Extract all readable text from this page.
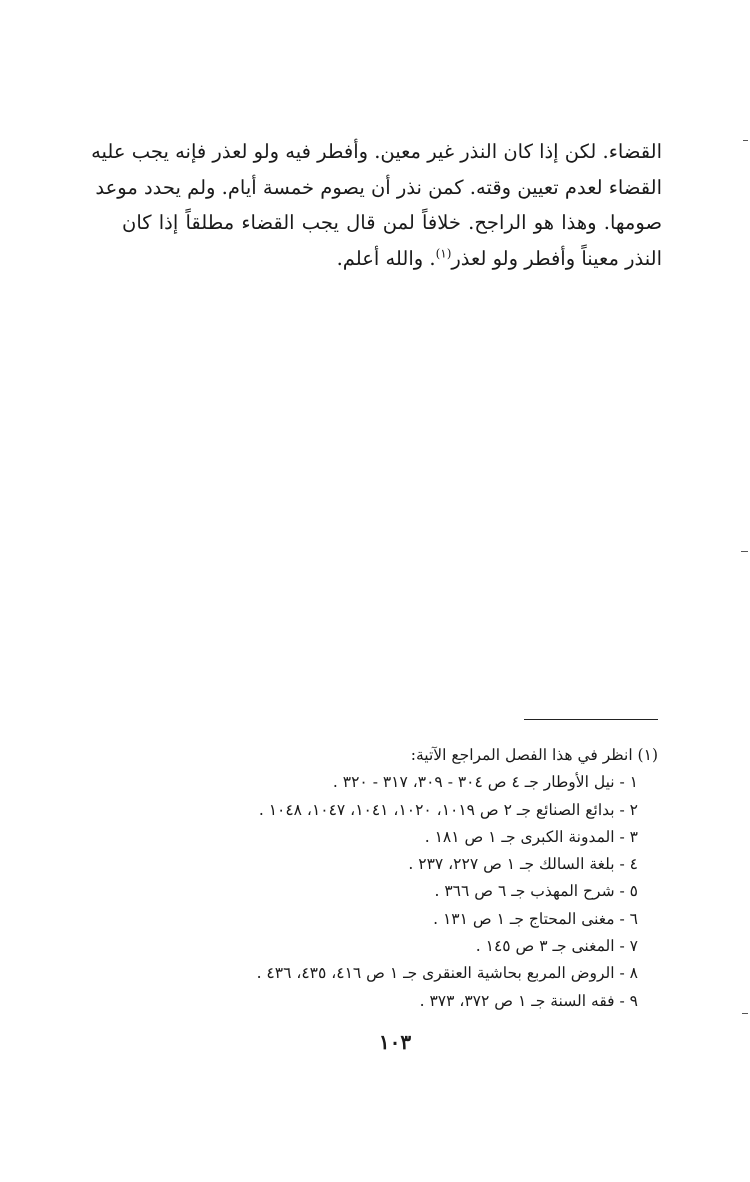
القضاء. لكن إذا كان النذر غير معين. وأفطر فيه ولو لعذر فإنه يجب عليه
القضاء لعدم تعيين وقته. كمن نذر أن يصوم خمسة أيام. ولم يحدد موعد
صومها. وهذا هو الراجح. خلافاً لمن قال يجب القضاء مطلقاً إذا كان
النذر معيناً وأفطر ولو لعذر$^{(١)}$. والله أعلم.
(١) انظر في هذا الفصل المراجع الآتية:
١ - نيل الأوطار جـ ٤ ص ٣٠٤ - ٣٠٩، ٣١٧ - ٣٢٠ .
٢ - بدائع الصنائع جـ ٢ ص ١٠١٩، ١٠٢٠، ١٠٤١، ١٠٤٧، ١٠٤٨ .
٣ - المدونة الكبرى جـ ١ ص ١٨١ .
٤ - بلغة السالك جـ ١ ص ٢٢٧، ٢٣٧ .
٥ - شرح المهذب جـ ٦ ص ٣٦٦ .
٦ - مغنى المحتاج جـ ١ ص ١٣١ .
٧ - المغنى جـ ٣ ص ١٤٥ .
٨ - الروض المربع بحاشية العنقرى جـ ١ ص ٤١٦، ٤٣٥، ٤٣٦ .
٩ - فقه السنة جـ ١ ص ٣٧٢، ٣٧٣ .
١٠٣
